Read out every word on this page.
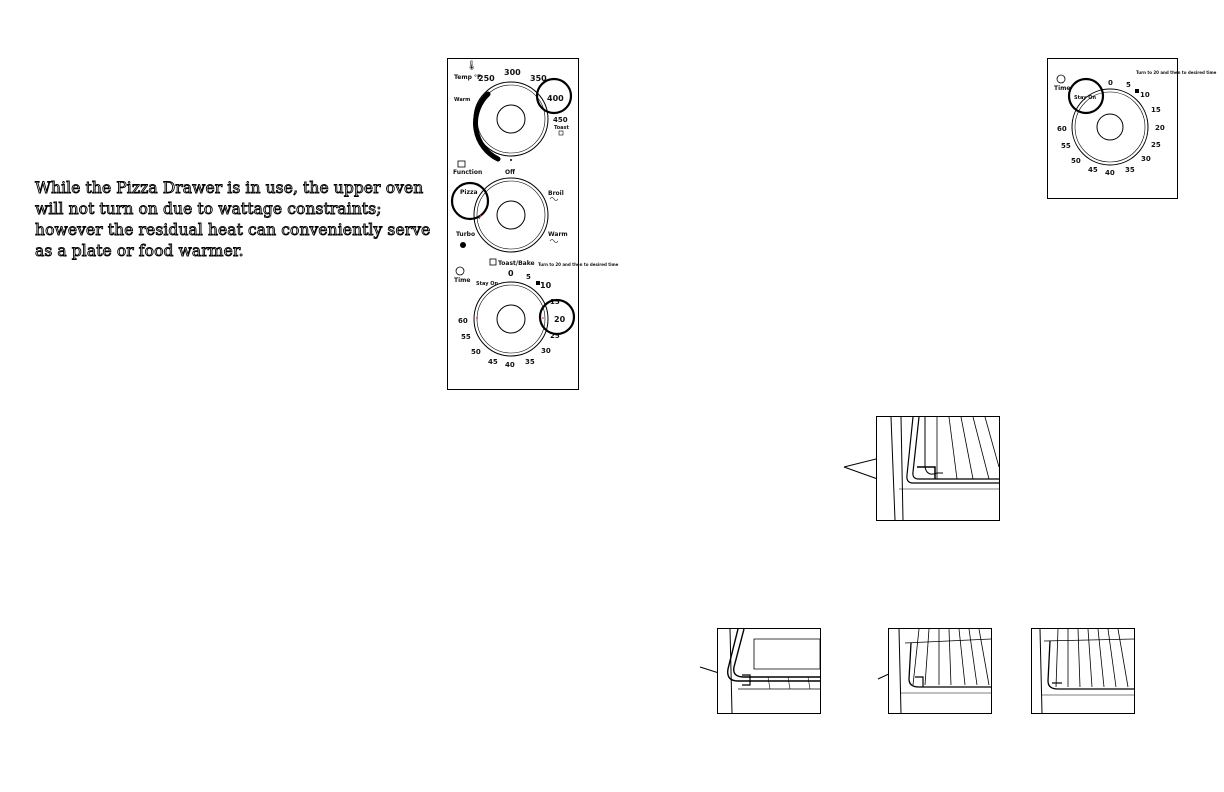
While the Pizza Drawer is in use, the upper oven will not turn on due to wattage constraints; however the residual heat can conveniently serve as a plate or food warmer.

🌡
Temp °F
250
300
350
400
450
Warm
Toast
Function	Off
Broil
Warm
Pizza
Turbo
Toast/Bake
Time Stay On
Turn to 20 and then to desired time
0 5
10
15
20
25
30
35
40
45
50
55
60
Time
Stay On
Turn to 20 and then to desired time
0 5
10
15
20
25
30
35
40
45
50
55
60
